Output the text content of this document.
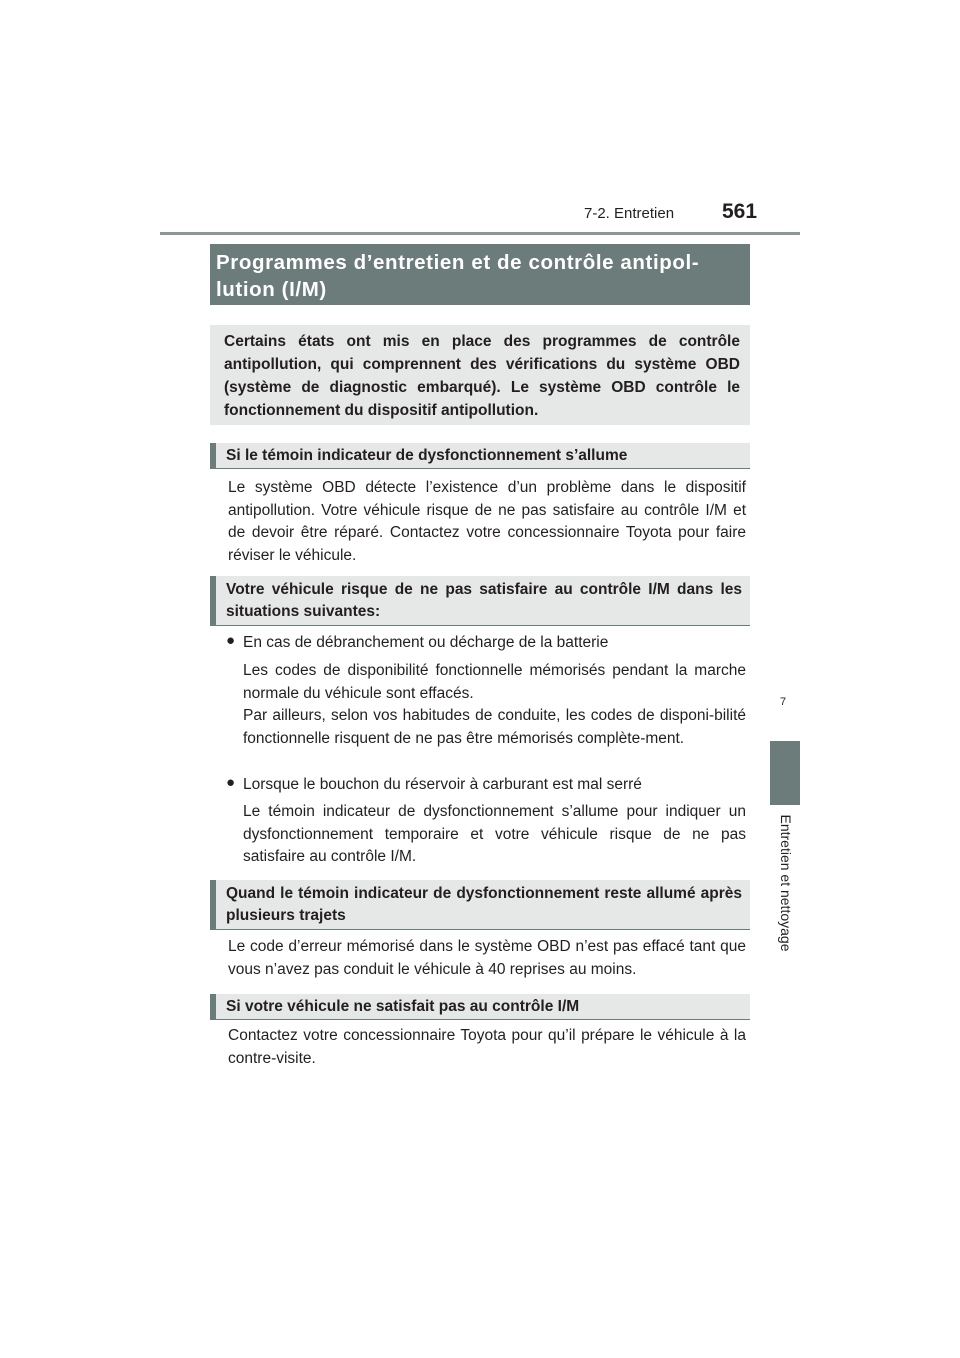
7-2. Entretien 561
7
Entretien et nettoyage
Programmes d’entretien et de contrôle antipol-
lution (I/M)

Certains états ont mis en place des programmes de contrôle antipollution, qui comprennent des vérifications du système OBD (système de diagnostic embarqué). Le système OBD contrôle le fonctionnement du dispositif antipollution.

Si le témoin indicateur de dysfonctionnement s’allume

Le système OBD détecte l’existence d’un problème dans le dispositif antipollution. Votre véhicule risque de ne pas satisfaire au contrôle I/M et de devoir être réparé. Contactez votre concessionnaire Toyota pour faire réviser le véhicule.

Votre véhicule risque de ne pas satisfaire au contrôle I/M dans les situations suivantes:
● En cas de débranchement ou décharge de la batterie

Les codes de disponibilité fonctionnelle mémorisés pendant la marche normale du véhicule sont effacés.

Par ailleurs, selon vos habitudes de conduite, les codes de disponi-bilité fonctionnelle risquent de ne pas être mémorisés complète-ment.

● Lorsque le bouchon du réservoir à carburant est mal serré

Le témoin indicateur de dysfonctionnement s’allume pour indiquer un dysfonctionnement temporaire et votre véhicule risque de ne pas satisfaire au contrôle I/M.

Quand le témoin indicateur de dysfonctionnement reste allumé après plusieurs trajets

Le code d’erreur mémorisé dans le système OBD n’est pas effacé tant que vous n’avez pas conduit le véhicule à 40 reprises au moins.

Si votre véhicule ne satisfait pas au contrôle I/M

Contactez votre concessionnaire Toyota pour qu’il prépare le véhicule à la contre-visite.
